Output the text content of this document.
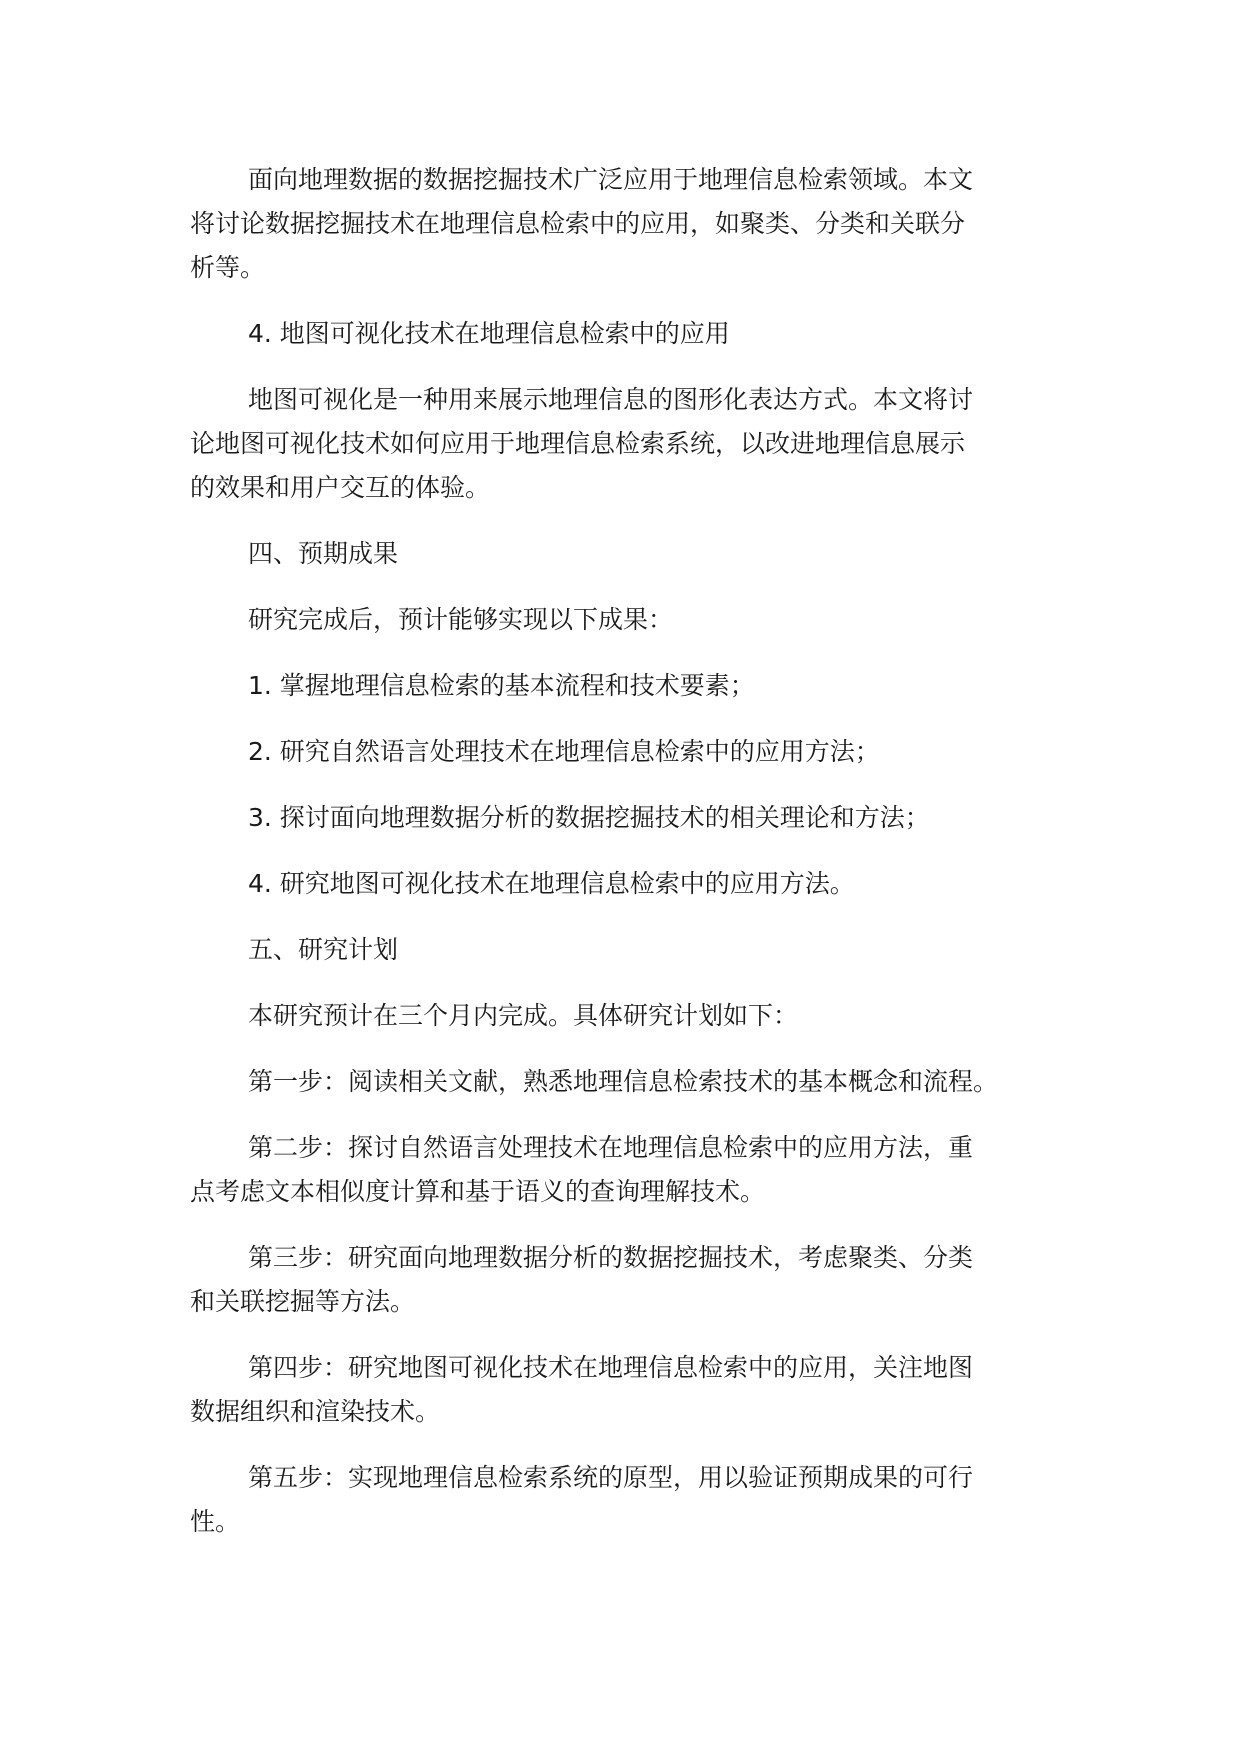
面向地理数据的数据挖掘技术广泛应用于地理信息检索领域。本文
将讨论数据挖掘技术在地理信息检索中的应用，如聚类、分类和关联分
析等。

4. 地图可视化技术在地理信息检索中的应用

地图可视化是一种用来展示地理信息的图形化表达方式。本文将讨
论地图可视化技术如何应用于地理信息检索系统，以改进地理信息展示
的效果和用户交互的体验。

四、预期成果

研究完成后，预计能够实现以下成果：

1. 掌握地理信息检索的基本流程和技术要素；

2. 研究自然语言处理技术在地理信息检索中的应用方法；

3. 探讨面向地理数据分析的数据挖掘技术的相关理论和方法；

4. 研究地图可视化技术在地理信息检索中的应用方法。

五、研究计划

本研究预计在三个月内完成。具体研究计划如下：

第一步：阅读相关文献，熟悉地理信息检索技术的基本概念和流程。

第二步：探讨自然语言处理技术在地理信息检索中的应用方法，重
点考虑文本相似度计算和基于语义的查询理解技术。

第三步：研究面向地理数据分析的数据挖掘技术，考虑聚类、分类
和关联挖掘等方法。

第四步：研究地图可视化技术在地理信息检索中的应用，关注地图
数据组织和渲染技术。

第五步：实现地理信息检索系统的原型，用以验证预期成果的可行
性。
